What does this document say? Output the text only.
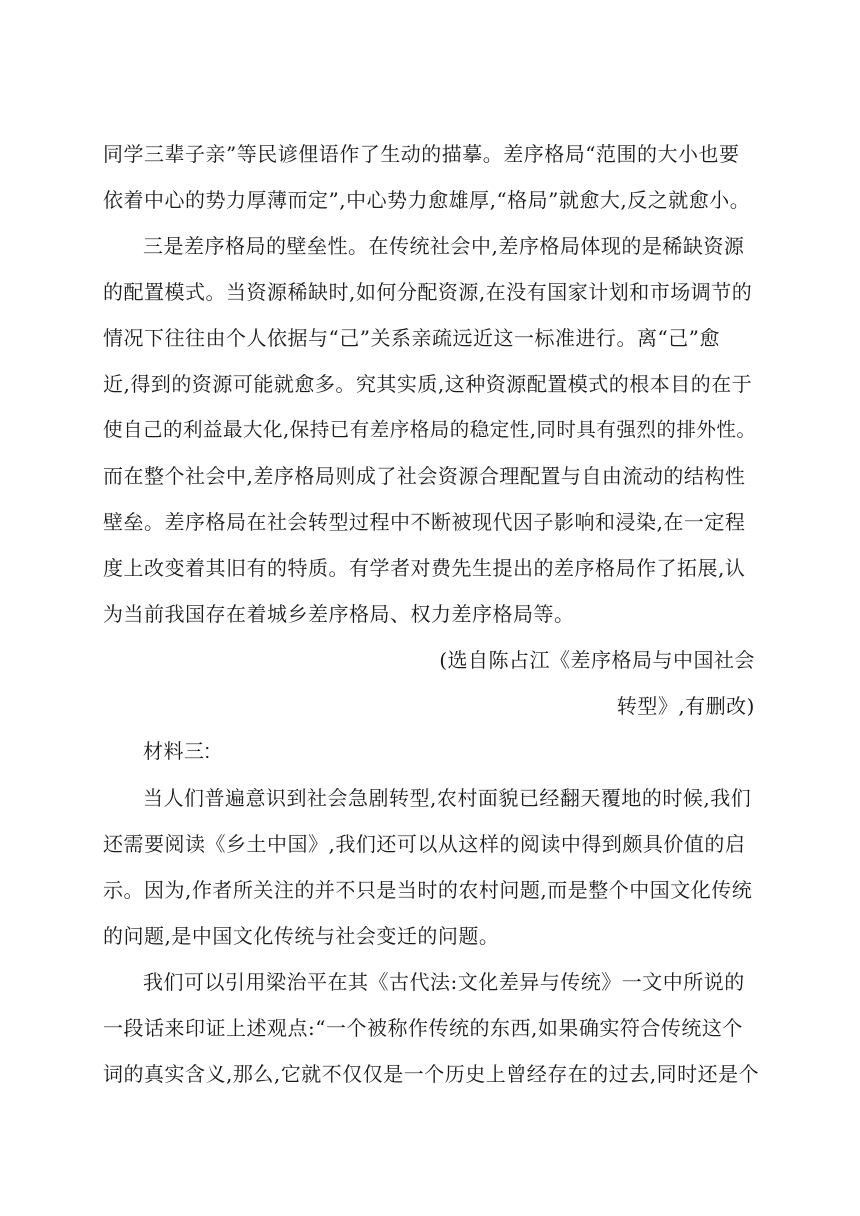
同学三辈子亲”等民谚俚语作了生动的描摹。差序格局“范围的大小也要
依着中心的势力厚薄而定”,中心势力愈雄厚,“格局”就愈大,反之就愈小。
三是差序格局的壁垒性。在传统社会中,差序格局体现的是稀缺资源
的配置模式。当资源稀缺时,如何分配资源,在没有国家计划和市场调节的
情况下往往由个人依据与“己”关系亲疏远近这一标准进行。离“己”愈
近,得到的资源可能就愈多。究其实质,这种资源配置模式的根本目的在于
使自己的利益最大化,保持已有差序格局的稳定性,同时具有强烈的排外性。
而在整个社会中,差序格局则成了社会资源合理配置与自由流动的结构性
壁垒。差序格局在社会转型过程中不断被现代因子影响和浸染,在一定程
度上改变着其旧有的特质。有学者对费先生提出的差序格局作了拓展,认
为当前我国存在着城乡差序格局、权力差序格局等。
(选自陈占江《差序格局与中国社会
转型》,有删改)
材料三:
当人们普遍意识到社会急剧转型,农村面貌已经翻天覆地的时候,我们
还需要阅读《乡土中国》,我们还可以从这样的阅读中得到颇具价值的启
示。因为,作者所关注的并不只是当时的农村问题,而是整个中国文化传统
的问题,是中国文化传统与社会变迁的问题。
我们可以引用梁治平在其《古代法:文化差异与传统》一文中所说的
一段话来印证上述观点:“一个被称作传统的东西,如果确实符合传统这个
词的真实含义,那么,它就不仅仅是一个历史上曾经存在的过去,同时还是个
